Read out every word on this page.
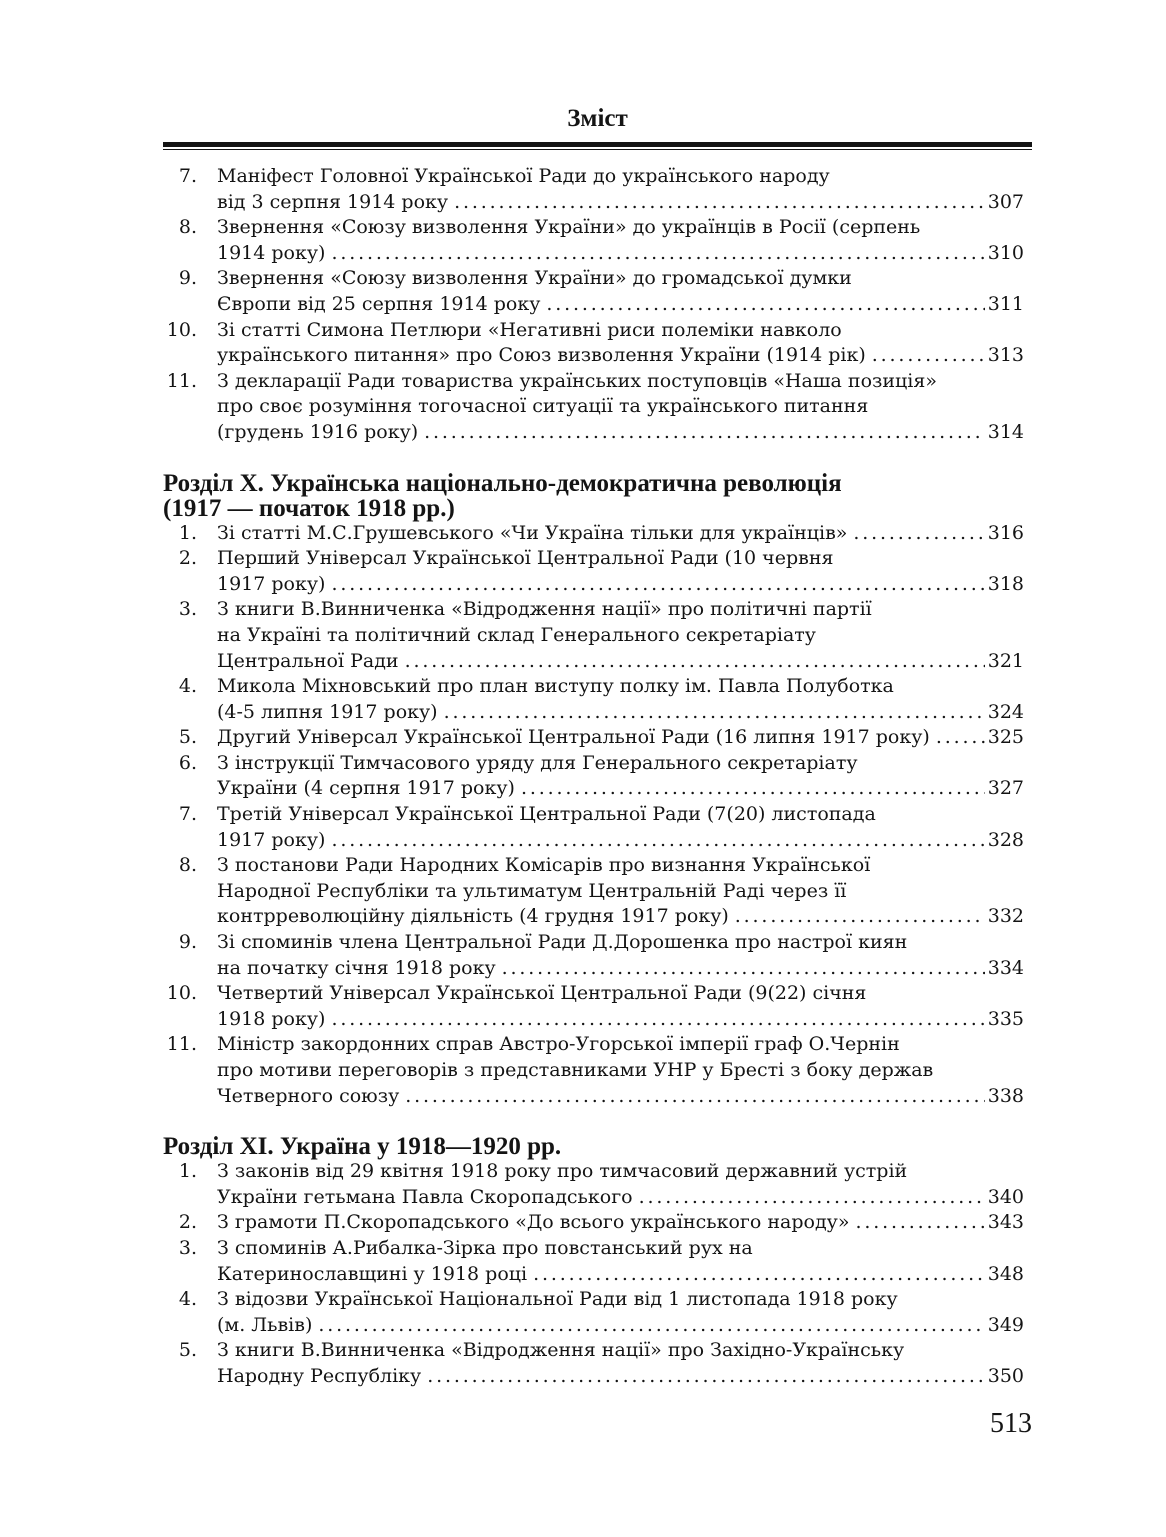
Зміст
7. Маніфест Головної Української Ради до українського народу
від 3 серпня 1914 року . . .	307
8. Звернення «Союзу визволення України» до українців в Росії (серпень
1914 року) . . .	310
9. Звернення «Союзу визволення України» до громадської думки
Європи від 25 серпня 1914 року . . .	311
10. Зі статті Симона Петлюри «Негативні риси полеміки навколо
українського питання» про Союз визволення України (1914 рік) . . .	313
11. З декларації Ради товариства українських поступовців «Наша позиція»
про своє розуміння тогочасної ситуації та українського питання
(грудень 1916 року) . . .	314
Розділ X. Українська національно-демократична революція
(1917 — початок 1918 рр.)
1. Зі статті М.С.Грушевського «Чи Україна тільки для українців» . . .	316
2. Перший Універсал Української Центральної Ради (10 червня
1917 року) . . .	318
3. З книги В.Винниченка «Відродження нації» про політичні партії
на Україні та політичний склад Генерального секретаріату
Центральної Ради . . .	321
4. Микола Міхновський про план виступу полку ім. Павла Полуботка
(4-5 липня 1917 року) . . .	324
5. Другий Універсал Української Центральної Ради (16 липня 1917 року) . . .	325
6. З інструкції Тимчасового уряду для Генерального секретаріату
України (4 серпня 1917 року) . . .	327
7. Третій Універсал Української Центральної Ради (7(20) листопада
1917 року) . . .	328
8. З постанови Ради Народних Комісарів про визнання Української
Народної Республіки та ультиматум Центральній Раді через її
контрреволюційну діяльність (4 грудня 1917 року) . . .	332
9. Зі споминів члена Центральної Ради Д.Дорошенка про настрої киян
на початку січня 1918 року . . .	334
10. Четвертий Універсал Української Центральної Ради (9(22) січня
1918 року) . . .	335
11. Міністр закордонних справ Австро-Угорської імперії граф О.Чернін
про мотиви переговорів з представниками УНР у Бресті з боку держав
Четверного союзу . . .	338
Розділ XI. Україна у 1918—1920 рр.
1. З законів від 29 квітня 1918 року про тимчасовий державний устрій
України гетьмана Павла Скоропадського . . .	340
2. З грамоти П.Скоропадського «До всього українського народу» . . .	343
3. З споминів А.Рибалка-Зірка про повстанський рух на
Катеринославщині у 1918 році . . .	348
4. З відозви Української Національної Ради від 1 листопада 1918 року
(м. Львів) . . .	349
5. З книги В.Винниченка «Відродження нації» про Західно-Українську
Народну Республіку . . .	350
513
